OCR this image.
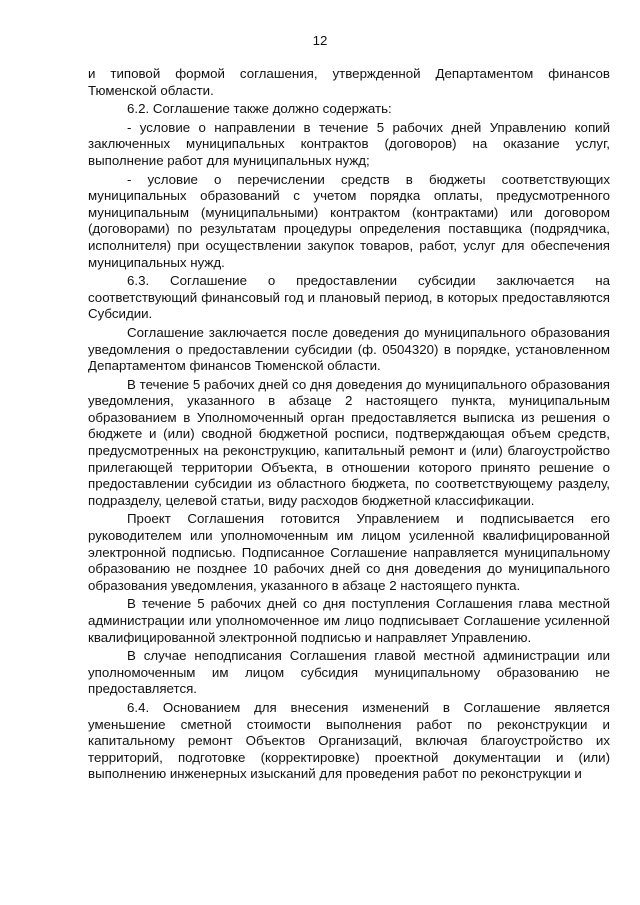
12

и типовой формой соглашения, утвержденной Департаментом финансов Тюменской области.

6.2. Соглашение также должно содержать:

- условие о направлении в течение 5 рабочих дней Управлению копий заключенных муниципальных контрактов (договоров) на оказание услуг, выполнение работ для муниципальных нужд;

- условие о перечислении средств в бюджеты соответствующих муниципальных образований с учетом порядка оплаты, предусмотренного муниципальным (муниципальными) контрактом (контрактами) или договором (договорами) по результатам процедуры определения поставщика (подрядчика, исполнителя) при осуществлении закупок товаров, работ, услуг для обеспечения муниципальных нужд.

6.3. Соглашение о предоставлении субсидии заключается на соответствующий финансовый год и плановый период, в которых предоставляются Субсидии.

Соглашение заключается после доведения до муниципального образования уведомления о предоставлении субсидии (ф. 0504320) в порядке, установленном Департаментом финансов Тюменской области.

В течение 5 рабочих дней со дня доведения до муниципального образования уведомления, указанного в абзаце 2 настоящего пункта, муниципальным образованием в Уполномоченный орган предоставляется выписка из решения о бюджете и (или) сводной бюджетной росписи, подтверждающая объем средств, предусмотренных на реконструкцию, капитальный ремонт и (или) благоустройство прилегающей территории Объекта, в отношении которого принято решение о предоставлении субсидии из областного бюджета, по соответствующему разделу, подразделу, целевой статьи, виду расходов бюджетной классификации.

Проект Соглашения готовится Управлением и подписывается его руководителем или уполномоченным им лицом усиленной квалифицированной электронной подписью. Подписанное Соглашение направляется муниципальному образованию не позднее 10 рабочих дней со дня доведения до муниципального образования уведомления, указанного в абзаце 2 настоящего пункта.

В течение 5 рабочих дней со дня поступления Соглашения глава местной администрации или уполномоченное им лицо подписывает Соглашение усиленной квалифицированной электронной подписью и направляет Управлению.

В случае неподписания Соглашения главой местной администрации или уполномоченным им лицом субсидия муниципальному образованию не предоставляется.

6.4. Основанием для внесения изменений в Соглашение является уменьшение сметной стоимости выполнения работ по реконструкции и капитальному ремонт Объектов Организаций, включая благоустройство их территорий, подготовке (корректировке) проектной документации и (или) выполнению инженерных изысканий для проведения работ по реконструкции и
